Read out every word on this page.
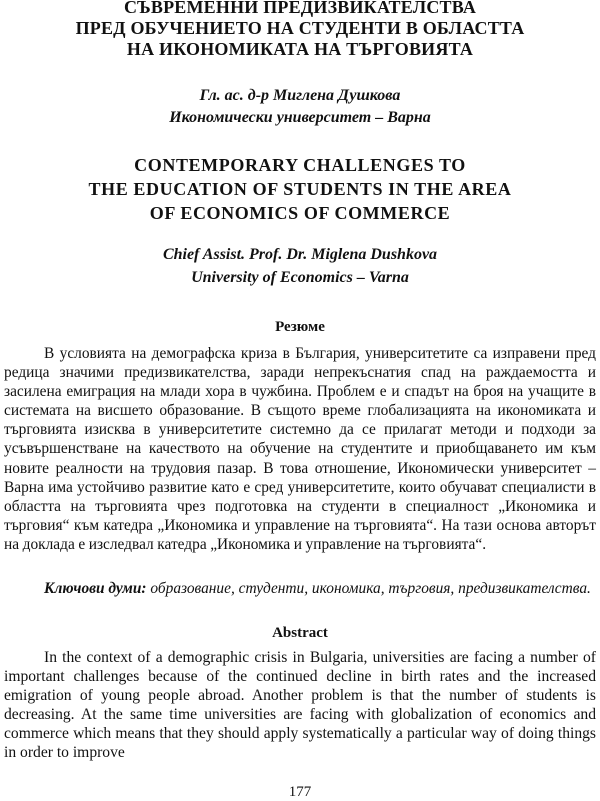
СЪВРЕМЕННИ ПРЕДИЗВИКАТЕЛСТВА
ПРЕД ОБУЧЕНИЕТО НА СТУДЕНТИ В ОБЛАСТТА
НА ИКОНОМИКАТА НА ТЪРГОВИЯТА
Гл. ас. д-р Миглена Душкова
Икономически университет – Варна
CONTEMPORARY CHALLENGES TO
THE EDUCATION OF STUDENTS IN THE AREA
OF ECONOMICS OF COMMERCE
Chief Assist. Prof. Dr. Miglena Dushkova
University of Economics – Varna
Резюме
В условията на демографска криза в България, университетите са изправени пред редица значими предизвикателства, заради непрекъснатия спад на раждаемостта и засилена емиграция на млади хора в чужбина. Проблем е и спадът на броя на учащите в системата на висшето образование. В същото време глобализацията на икономиката и търговията изисква в университетите системно да се прилагат методи и подходи за усъвършенстване на качеството на обучение на студентите и приобщаването им към новите реалности на трудовия пазар. В това отношение, Икономически университет – Варна има устойчиво развитие като е сред университетите, които обучават специалисти в областта на търговията чрез подготовка на студенти в специалност „Икономика и търговия“ към катедра „Икономика и управление на търговията“. На тази основа авторът на доклада е изследвал катедра „Икономика и управление на търговията“.
Ключови думи: образование, студенти, икономика, търговия, предизвикателства.
Abstract
In the context of a demographic crisis in Bulgaria, universities are facing a number of important challenges because of the continued decline in birth rates and the increased emigration of young people abroad. Another problem is that the number of students is decreasing. At the same time universities are facing with globalization of economics and commerce which means that they should apply systematically a particular way of doing things in order to improve
177
